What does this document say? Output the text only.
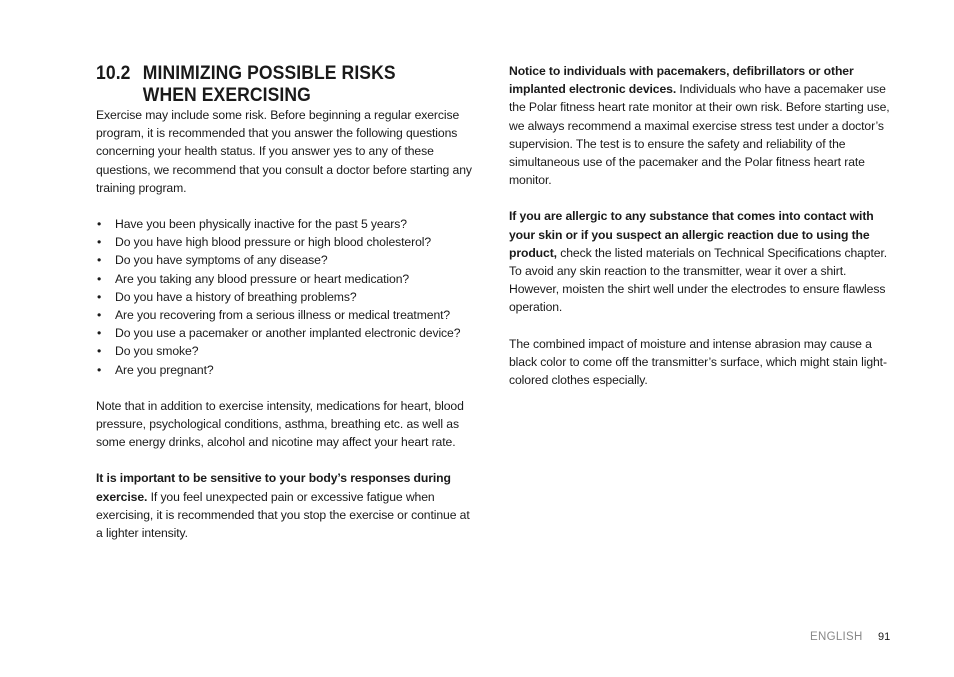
10.2 MINIMIZING POSSIBLE RISKS WHEN EXERCISING

Exercise may include some risk. Before beginning a regular exercise program, it is recommended that you answer the following questions concerning your health status. If you answer yes to any of these questions, we recommend that you consult a doctor before starting any training program.

• Have you been physically inactive for the past 5 years?
• Do you have high blood pressure or high blood cholesterol?
• Do you have symptoms of any disease?
• Are you taking any blood pressure or heart medication?
• Do you have a history of breathing problems?
• Are you recovering from a serious illness or medical treatment?
• Do you use a pacemaker or another implanted electronic device?
• Do you smoke?
• Are you pregnant?

Note that in addition to exercise intensity, medications for heart, blood pressure, psychological conditions, asthma, breathing etc. as well as some energy drinks, alcohol and nicotine may affect your heart rate.

It is important to be sensitive to your body’s responses during exercise. If you feel unexpected pain or excessive fatigue when exercising, it is recommended that you stop the exercise or continue at a lighter intensity.

Notice to individuals with pacemakers, defibrillators or other implanted electronic devices. Individuals who have a pacemaker use the Polar fitness heart rate monitor at their own risk. Before starting use, we always recommend a maximal exercise stress test under a doctor’s supervision. The test is to ensure the safety and reliability of the simultaneous use of the pacemaker and the Polar fitness heart rate monitor.

If you are allergic to any substance that comes into contact with your skin or if you suspect an allergic reaction due to using the product, check the listed materials on Technical Specifications chapter. To avoid any skin reaction to the transmitter, wear it over a shirt. However, moisten the shirt well under the electrodes to ensure flawless operation.

The combined impact of moisture and intense abrasion may cause a black color to come off the transmitter’s surface, which might stain light-colored clothes especially.

ENGLISH 91
